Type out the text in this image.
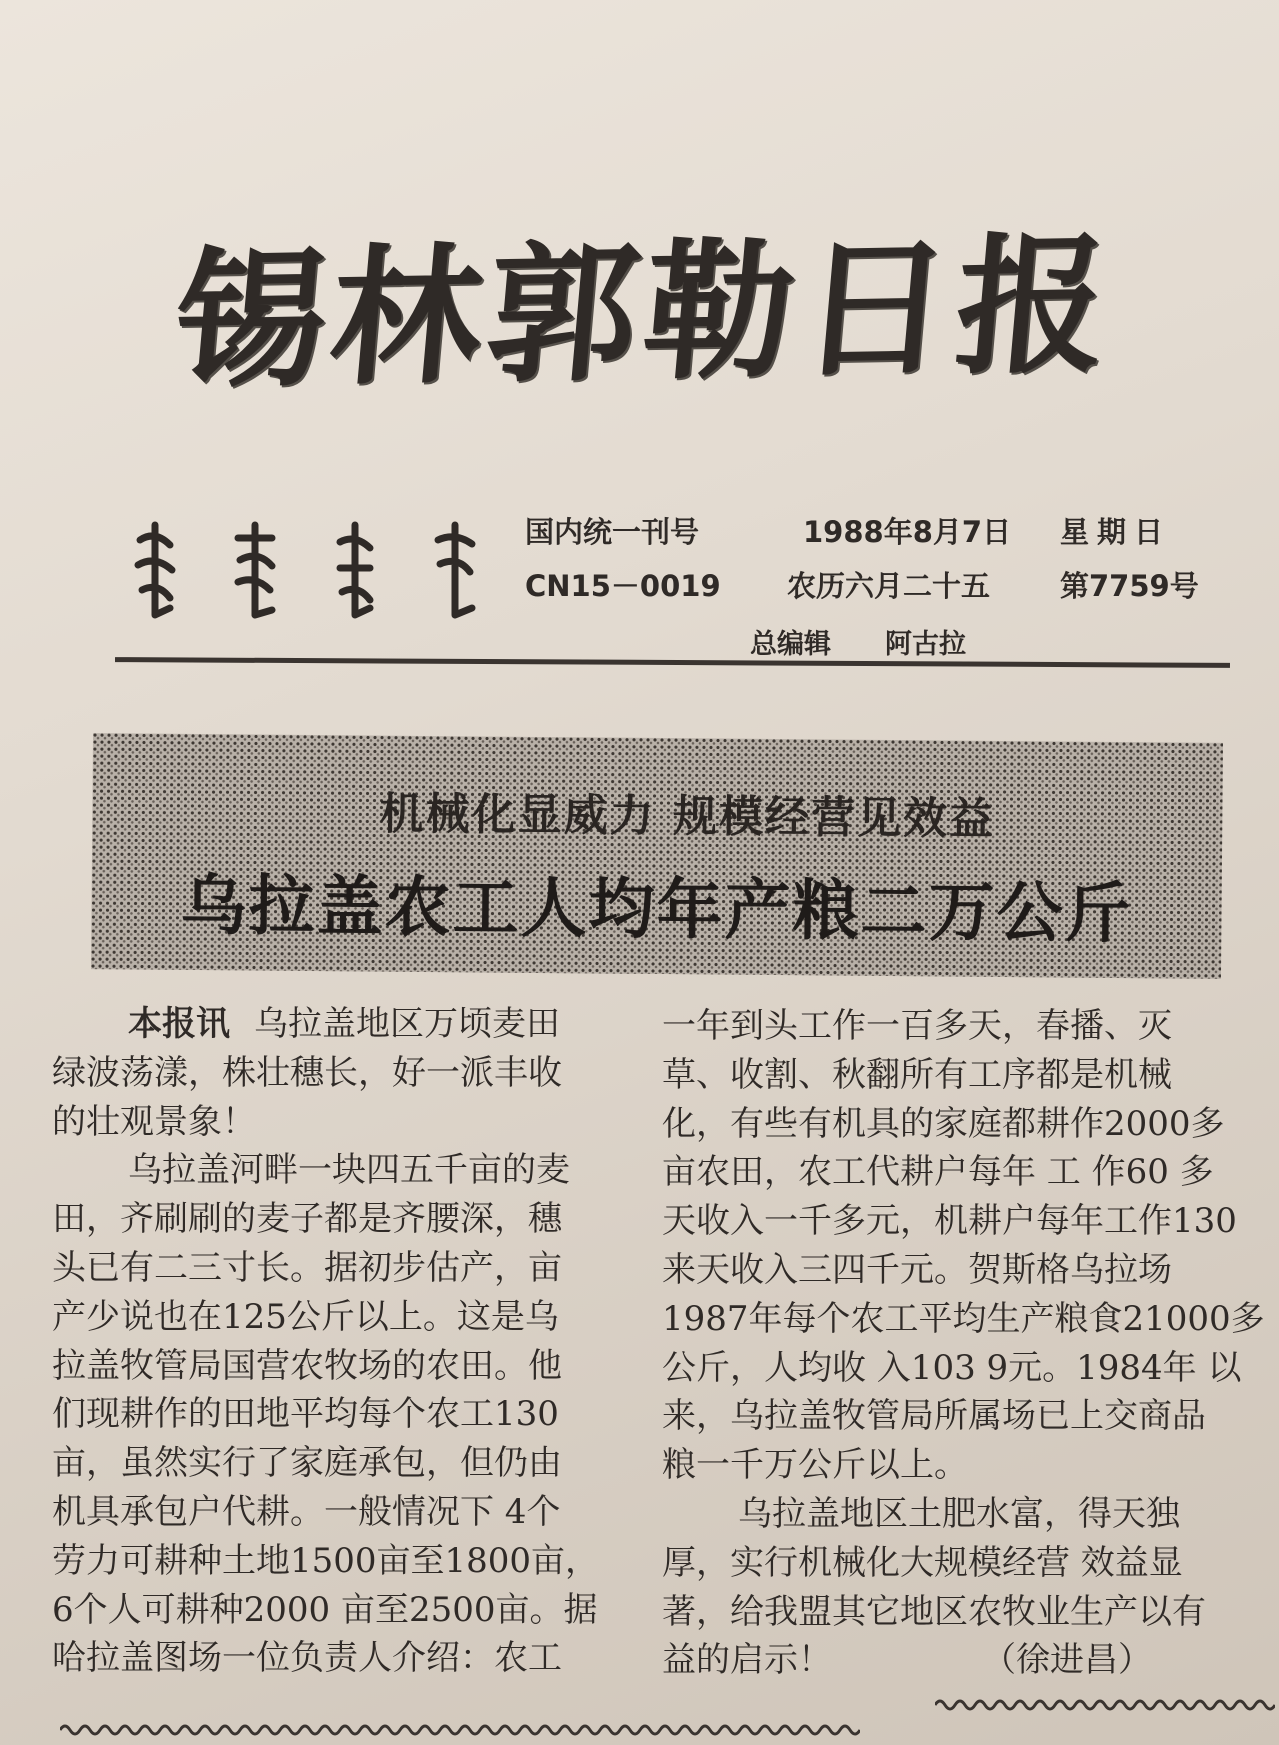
锡林郭勒日报
国内统一刊号	1988年8月7日 星期日
CN15－0019 农历六月二十五 第7759号
总编辑 阿古拉
机械化显威力 规模经营见效益
乌拉盖农工人均年产粮二万公斤

本报讯 乌拉盖地区万顷麦田

绿波荡漾，株壮穗长，好一派丰收

的壮观景象！

乌拉盖河畔一块四五千亩的麦

田，齐刷刷的麦子都是齐腰深，穗

头已有二三寸长。据初步估产，亩

产少说也在125公斤以上。这是乌

拉盖牧管局国营农牧场的农田。他

们现耕作的田地平均每个农工130

亩，虽然实行了家庭承包，但仍由

机具承包户代耕。一般情况下 4个

劳力可耕种土地1500亩至1800亩，

6个人可耕种2000 亩至2500亩。据

哈拉盖图场一位负责人介绍：农工

一年到头工作一百多天，春播、灭

草、收割、秋翻所有工序都是机械

化，有些有机具的家庭都耕作2000多

亩农田，农工代耕户每年 工 作60 多

天收入一千多元，机耕户每年工作130

来天收入三四千元。贺斯格乌拉场

1987年每个农工平均生产粮食21000多

公斤，人均收 入103 9元。1984年 以

来，乌拉盖牧管局所属场已上交商品

粮一千万公斤以上。

乌拉盖地区土肥水富，得天独

厚，实行机械化大规模经营 效益显

著，给我盟其它地区农牧业生产以有

益的启示！	（徐进昌）
